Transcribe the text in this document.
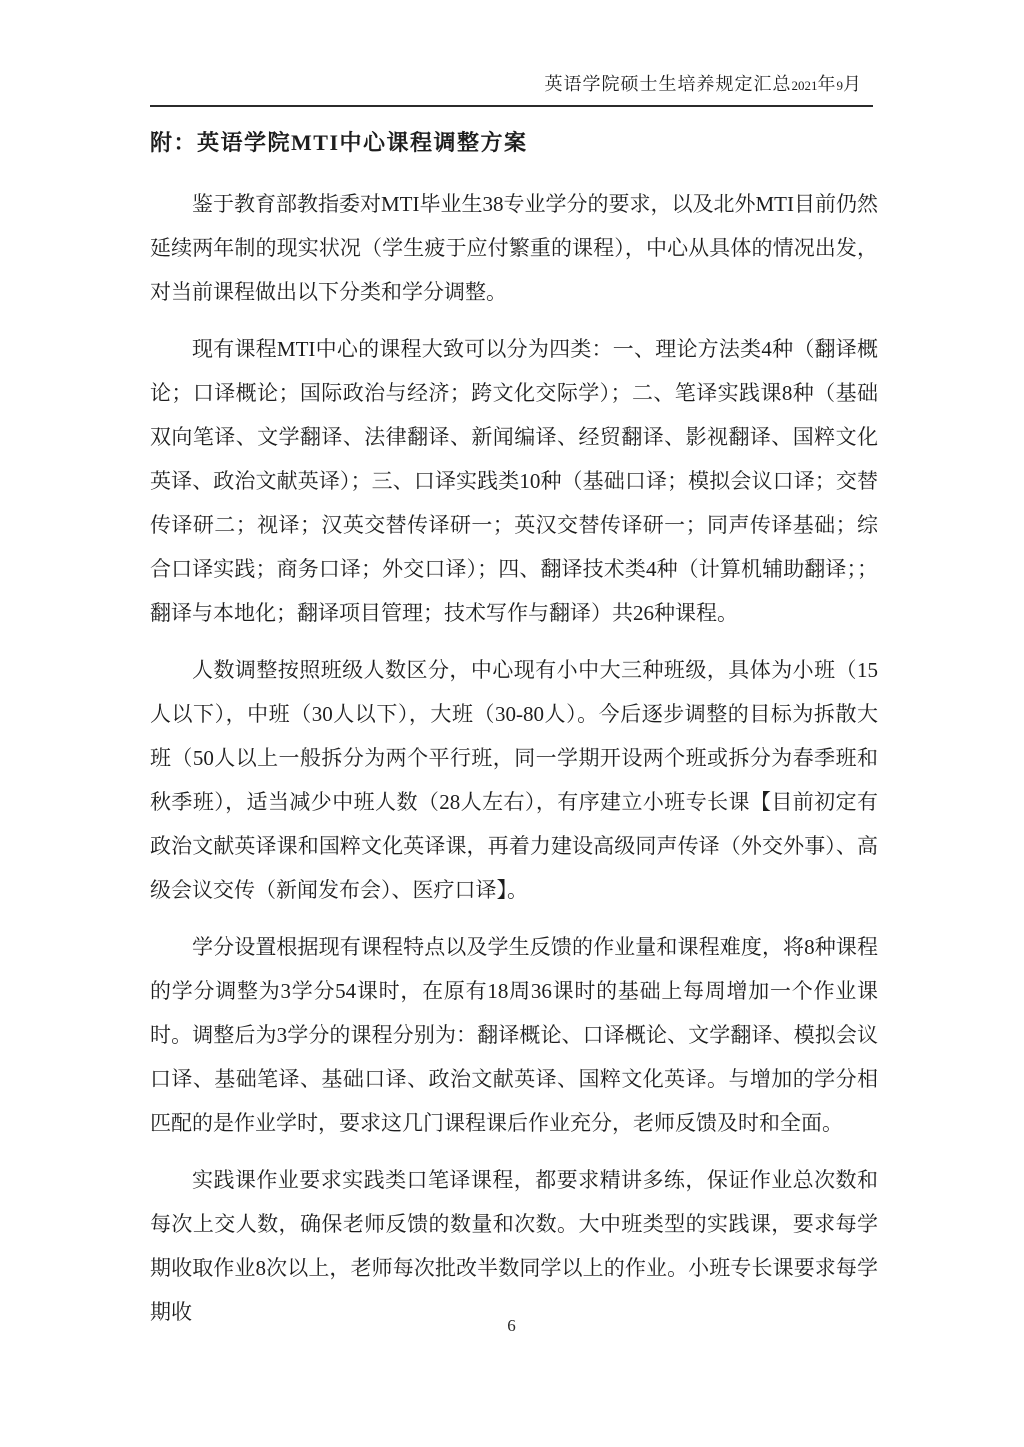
英语学院硕士生培养规定汇总2021年9月
附：英语学院MTI中心课程调整方案

鉴于教育部教指委对MTI毕业生38专业学分的要求，以及北外MTI目前仍然延续两年制的现实状况（学生疲于应付繁重的课程），中心从具体的情况出发，对当前课程做出以下分类和学分调整。

现有课程MTI中心的课程大致可以分为四类：一、理论方法类4种（翻译概论；口译概论；国际政治与经济；跨文化交际学）；二、笔译实践课8种（基础双向笔译、文学翻译、法律翻译、新闻编译、经贸翻译、影视翻译、国粹文化英译、政治文献英译）；三、口译实践类10种（基础口译；模拟会议口译；交替传译研二；视译；汉英交替传译研一；英汉交替传译研一；同声传译基础；综合口译实践；商务口译；外交口译）；四、翻译技术类4种（计算机辅助翻译；；翻译与本地化；翻译项目管理；技术写作与翻译）共26种课程。

人数调整按照班级人数区分，中心现有小中大三种班级，具体为小班（15人以下），中班（30人以下），大班（30-80人）。今后逐步调整的目标为拆散大班（50人以上一般拆分为两个平行班，同一学期开设两个班或拆分为春季班和秋季班），适当减少中班人数（28人左右），有序建立小班专长课【目前初定有政治文献英译课和国粹文化英译课，再着力建设高级同声传译（外交外事）、高级会议交传（新闻发布会）、医疗口译】。

学分设置根据现有课程特点以及学生反馈的作业量和课程难度，将8种课程的学分调整为3学分54课时，在原有18周36课时的基础上每周增加一个作业课时。调整后为3学分的课程分别为：翻译概论、口译概论、文学翻译、模拟会议口译、基础笔译、基础口译、政治文献英译、国粹文化英译。与增加的学分相匹配的是作业学时，要求这几门课程课后作业充分，老师反馈及时和全面。

实践课作业要求实践类口笔译课程，都要求精讲多练，保证作业总次数和每次上交人数，确保老师反馈的数量和次数。大中班类型的实践课，要求每学期收取作业8次以上，老师每次批改半数同学以上的作业。小班专长课要求每学期收

6
